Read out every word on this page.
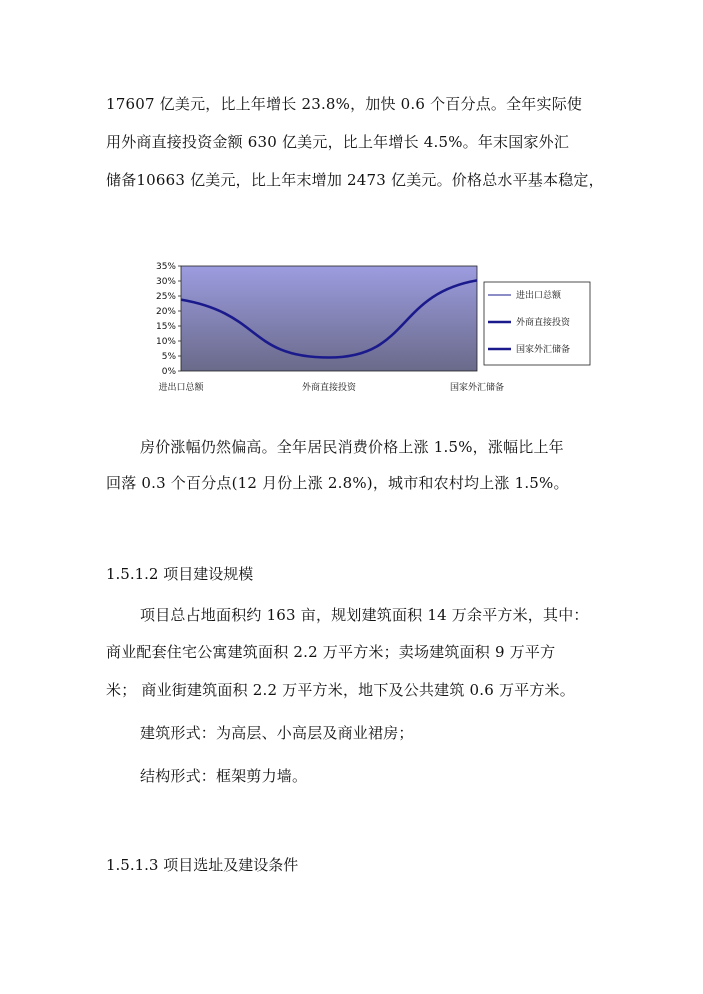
17607 亿美元，比上年增长 23.8%，加快 0.6 个百分点。全年实际使
用外商直接投资金额 630 亿美元，比上年增长 4.5%。年末国家外汇
储备10663 亿美元，比上年末增加 2473 亿美元。价格总水平基本稳定，
0%
5%
10%
15%
20%
25%
30%
35%
进出口总额	外商直接投资	国家外汇储备
进出口总额
外商直接投资
国家外汇储备
房价涨幅仍然偏高。全年居民消费价格上涨 1.5%，涨幅比上年
回落 0.3 个百分点(12 月份上涨 2.8%)，城市和农村均上涨 1.5%。
1.5.1.2 项目建设规模
项目总占地面积约 163 亩，规划建筑面积 14 万余平方米，其中：
商业配套住宅公寓建筑面积 2.2 万平方米；卖场建筑面积 9 万平方
米； 商业街建筑面积 2.2 万平方米，地下及公共建筑 0.6 万平方米。
建筑形式：为高层、小高层及商业裙房；
结构形式：框架剪力墙。
1.5.1.3 项目选址及建设条件
